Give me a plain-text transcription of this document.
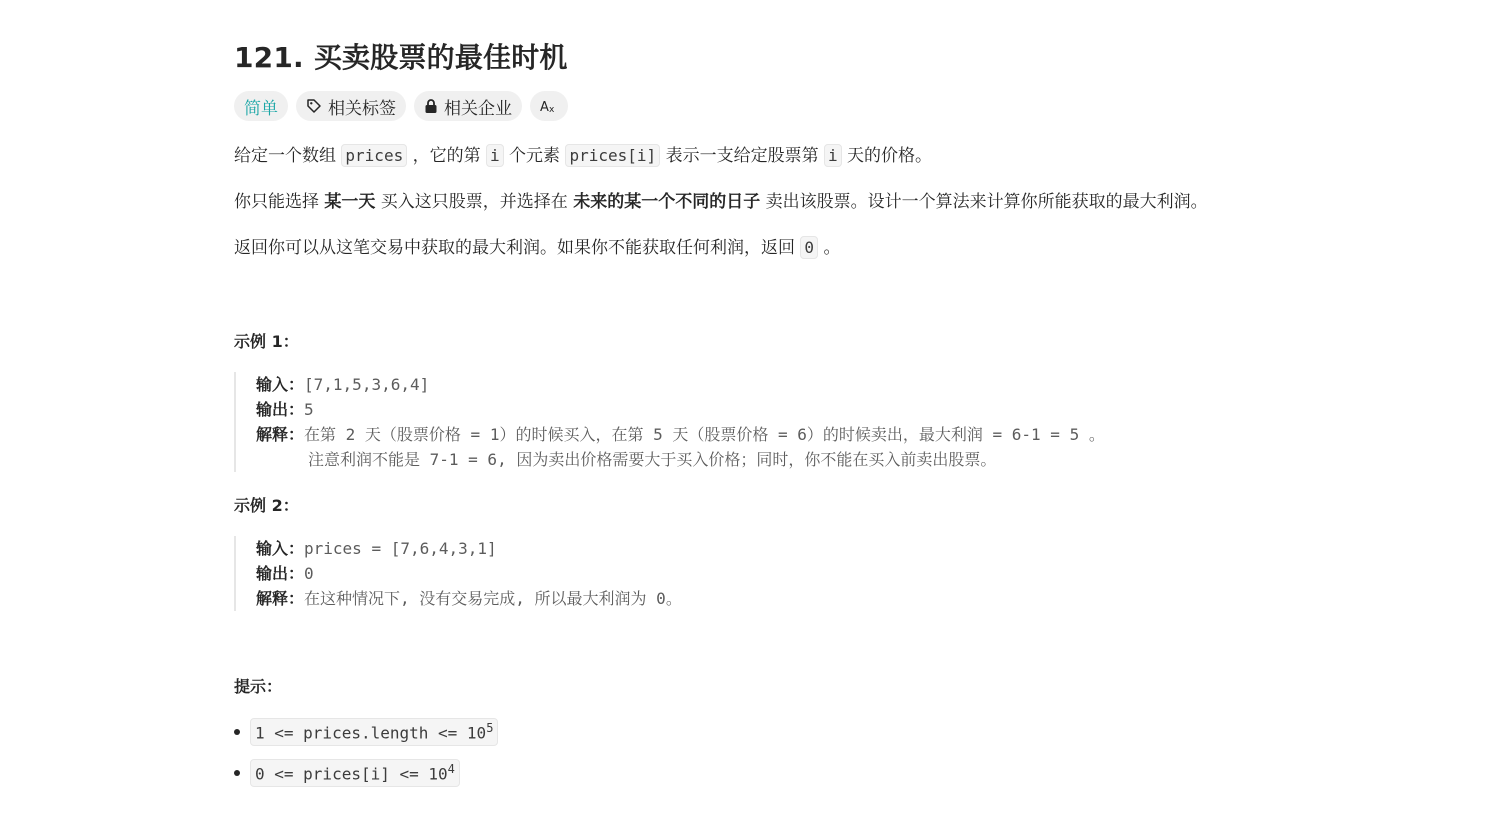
121. 买卖股票的最佳时机
简单	相关标签	相关企业 A x

给定一个数组 prices ，它的第 i 个元素 prices[i] 表示一支给定股票第 i 天的价格。

你只能选择 某一天 买入这只股票，并选择在 未来的某一个不同的日子 卖出该股票。设计一个算法来计算你所能获取的最大利润。

返回你可以从这笔交易中获取的最大利润。如果你不能获取任何利润，返回 0 。

示例 1：

输入：[7,1,5,3,6,4]
输出：5
解释：在第 2 天（股票价格 = 1）的时候买入，在第 5 天（股票价格 = 6）的时候卖出，最大利润 = 6-1 = 5 。
注意利润不能是 7-1 = 6, 因为卖出价格需要大于买入价格；同时，你不能在买入前卖出股票。

示例 2：

输入：prices = [7,6,4,3,1]
输出：0
解释：在这种情况下, 没有交易完成, 所以最大利润为 0。

提示：

1 <= prices.length <= $10^5$
0 <= prices[i] <= $10^4$
